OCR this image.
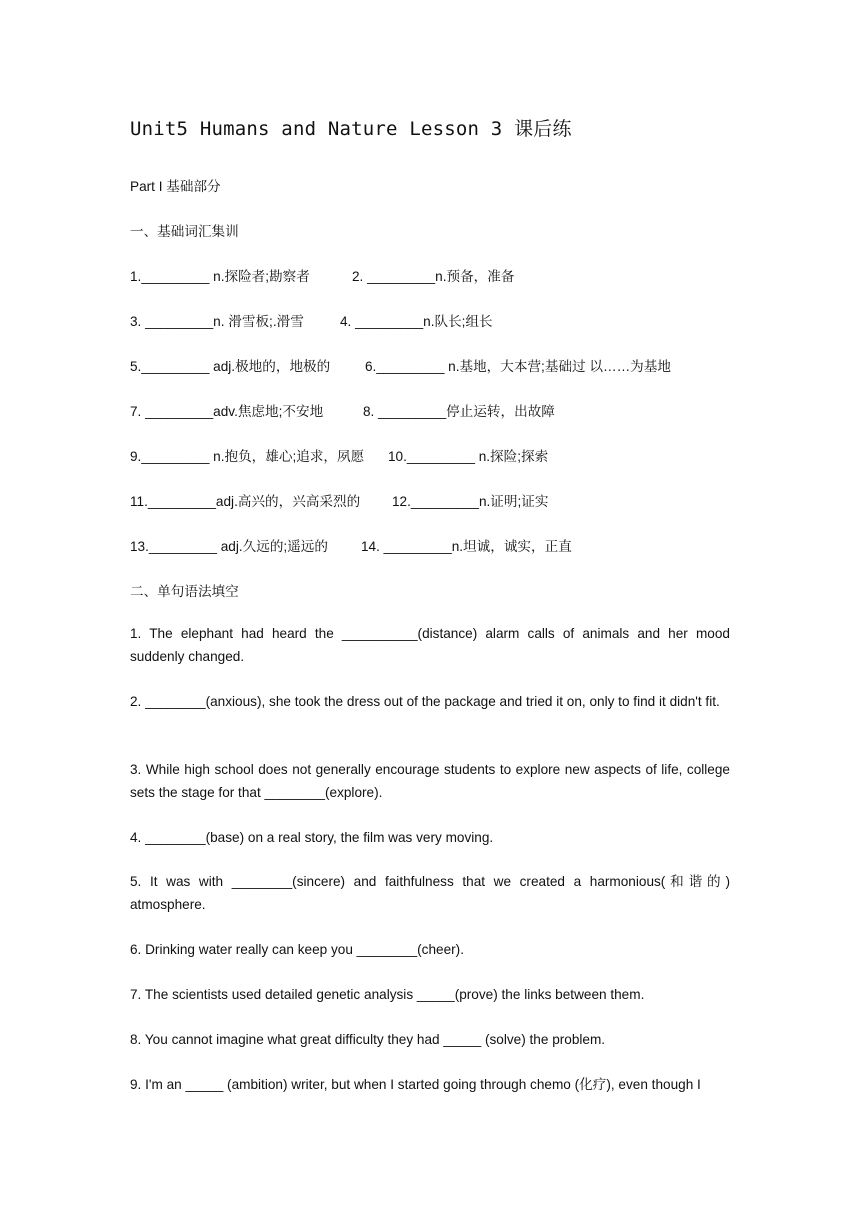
Unit5 Humans and Nature Lesson 3 课后练
Part I 基础部分
一、基础词汇集训
1._________ n.探险者;勘察者	2. _________n.预备，准备
3. _________n. 滑雪板;.滑雪	4. _________n.队长;组长
5._________ adj.极地的，地极的	6._________ n.基地，大本营;基础过 以……为基地
7. _________adv.焦虑地;不安地	8. _________停止运转，出故障
9._________ n.抱负，雄心;追求，夙愿 10._________ n.探险;探索
11._________adj.高兴的，兴高采烈的 12._________n.证明;证实
13._________ adj.久远的;遥远的 14. _________n.坦诚，诚实，正直
二、单句语法填空
1. The elephant had heard the __________(distance) alarm calls of animals and her mood suddenly changed.
2. ________(anxious), she took the dress out of the package and tried it on, only to find it didn't fit.
3. While high school does not generally encourage students to explore new aspects of life, college sets the stage for that ________(explore).
4. ________(base) on a real story, the film was very moving.
5. It was with ________(sincere) and faithfulness that we created a harmonious(和谐的) atmosphere.
6. Drinking water really can keep you ________(cheer).
7. The scientists used detailed genetic analysis _____(prove) the links between them.
8. You cannot imagine what great difficulty they had _____ (solve) the problem.
9. I'm an _____ (ambition) writer, but when I started going through chemo (化疗), even though I
